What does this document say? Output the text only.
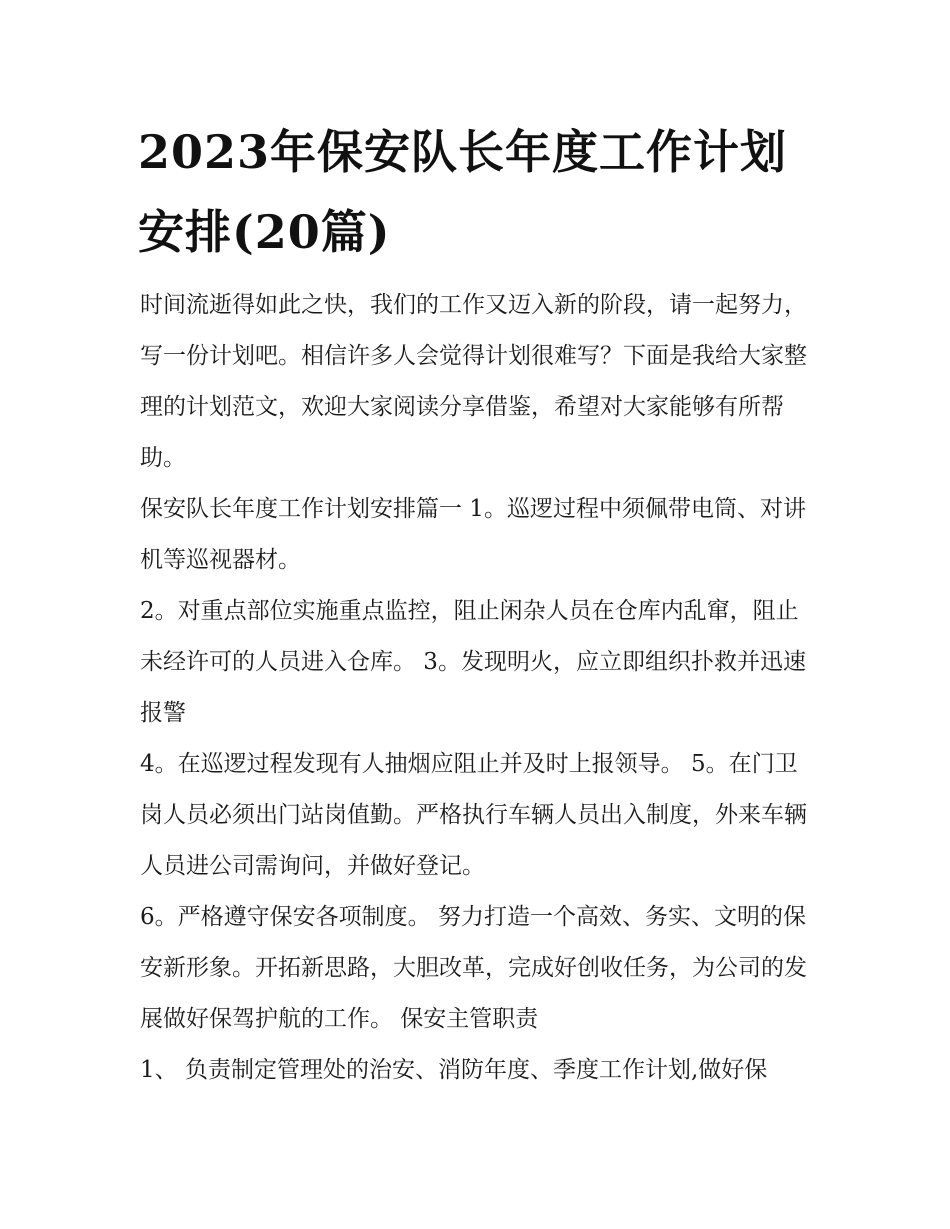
2023年保安队长年度工作计划安排(20篇)

时间流逝得如此之快，我们的工作又迈入新的阶段，请一起努力，写一份计划吧。相信许多人会觉得计划很难写？下面是我给大家整理的计划范文，欢迎大家阅读分享借鉴，希望对大家能够有所帮助。

保安队长年度工作计划安排篇一 1。巡逻过程中须佩带电筒、对讲机等巡视器材。

2。对重点部位实施重点监控，阻止闲杂人员在仓库内乱窜，阻止未经许可的人员进入仓库。 3。发现明火，应立即组织扑救并迅速报警

4。在巡逻过程发现有人抽烟应阻止并及时上报领导。 5。在门卫岗人员必须出门站岗值勤。严格执行车辆人员出入制度，外来车辆人员进公司需询问，并做好登记。

6。严格遵守保安各项制度。 努力打造一个高效、务实、文明的保安新形象。开拓新思路，大胆改革，完成好创收任务，为公司的发展做好保驾护航的工作。 保安主管职责

1、 负责制定管理处的治安、消防年度、季度工作计划,做好保
